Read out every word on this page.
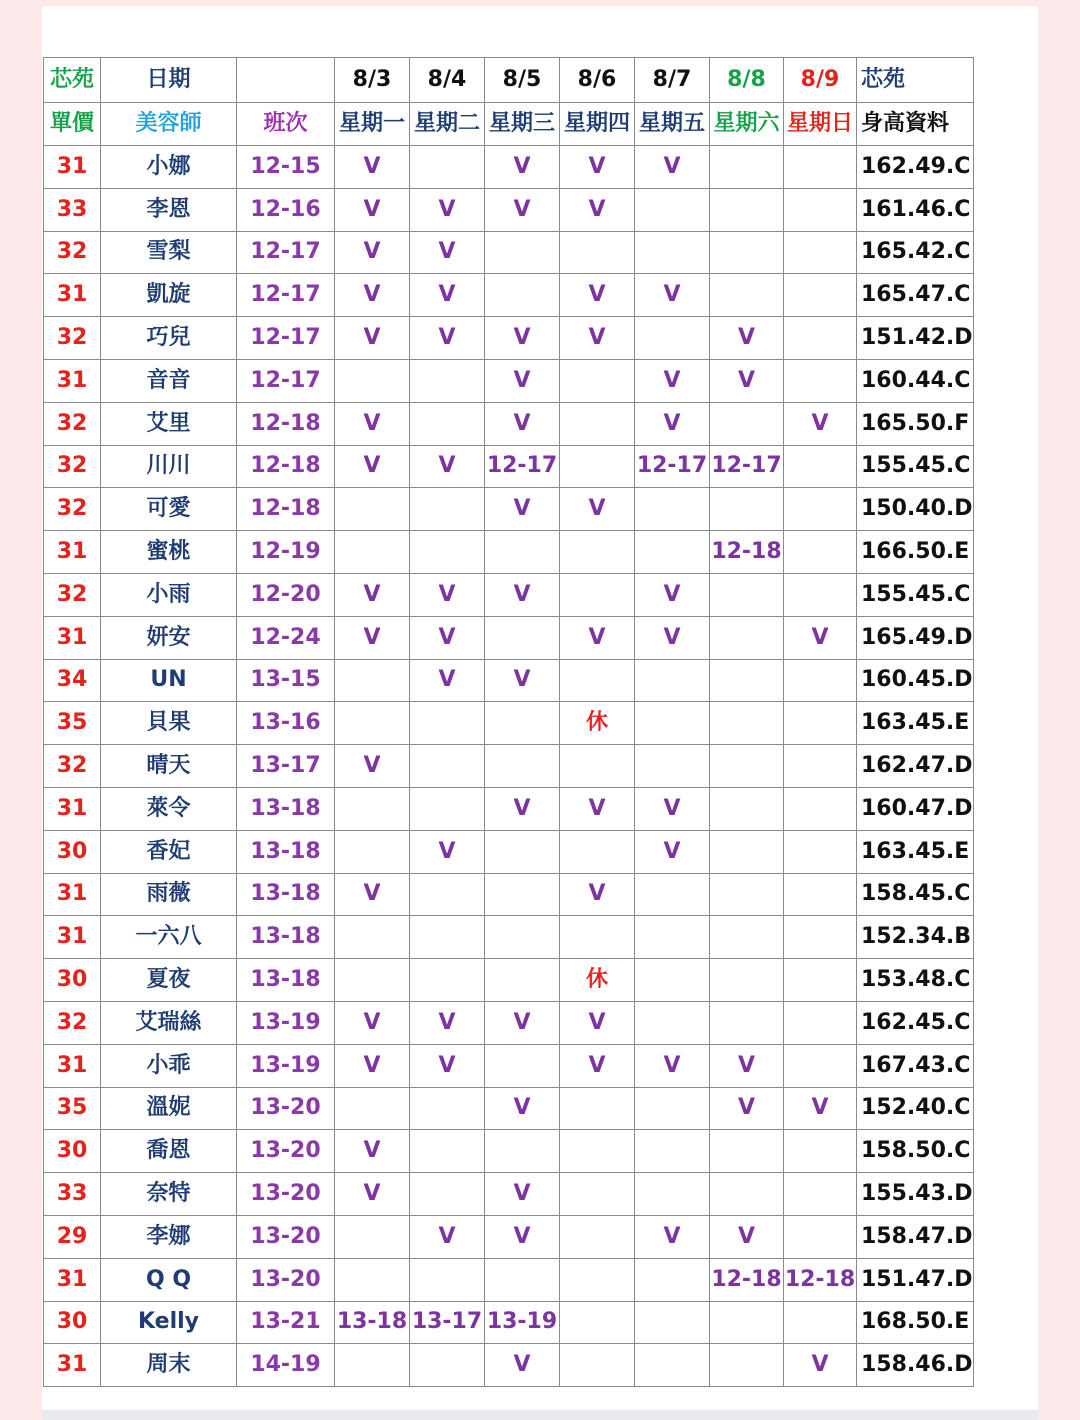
芯苑	日期		8/3	8/4	8/5	8/6	8/7	8/8	8/9	芯苑
單價	美容師	班次	星期一	星期二	星期三	星期四	星期五	星期六	星期日	身高資料
31	小娜	12-15	V		V	V	V			162.49.C
33	李恩	12-16	V	V	V	V				161.46.C
32	雪梨	12-17	V	V						165.42.C
31	凱旋	12-17	V	V		V	V			165.47.C
32	巧兒	12-17	V	V	V	V		V		151.42.D
31	音音	12-17			V		V	V		160.44.C
32	艾里	12-18	V		V		V		V	165.50.F
32	川川	12-18	V	V	12-17		12-17	12-17		155.45.C
32	可愛	12-18			V	V				150.40.D
31	蜜桃	12-19						12-18		166.50.E
32	小雨	12-20	V	V	V		V			155.45.C
31	妍安	12-24	V	V		V	V		V	165.49.D
34	UN	13-15		V	V					160.45.D
35	貝果	13-16				休				163.45.E
32	晴天	13-17	V							162.47.D
31	萊令	13-18			V	V	V			160.47.D
30	香妃	13-18		V			V			163.45.E
31	雨薇	13-18	V			V				158.45.C
31	一六八	13-18								152.34.B
30	夏夜	13-18				休				153.48.C
32	艾瑞絲	13-19	V	V	V	V				162.45.C
31	小乖	13-19	V	V		V	V	V		167.43.C
35	溫妮	13-20			V			V	V	152.40.C
30	喬恩	13-20	V							158.50.C
33	奈特	13-20	V		V					155.43.D
29	李娜	13-20		V	V		V	V		158.47.D
31	Q Q	13-20						12-18	12-18	151.47.D
30	Kelly	13-21	13-18	13-17	13-19					168.50.E
31	周末	14-19			V				V	158.46.D
